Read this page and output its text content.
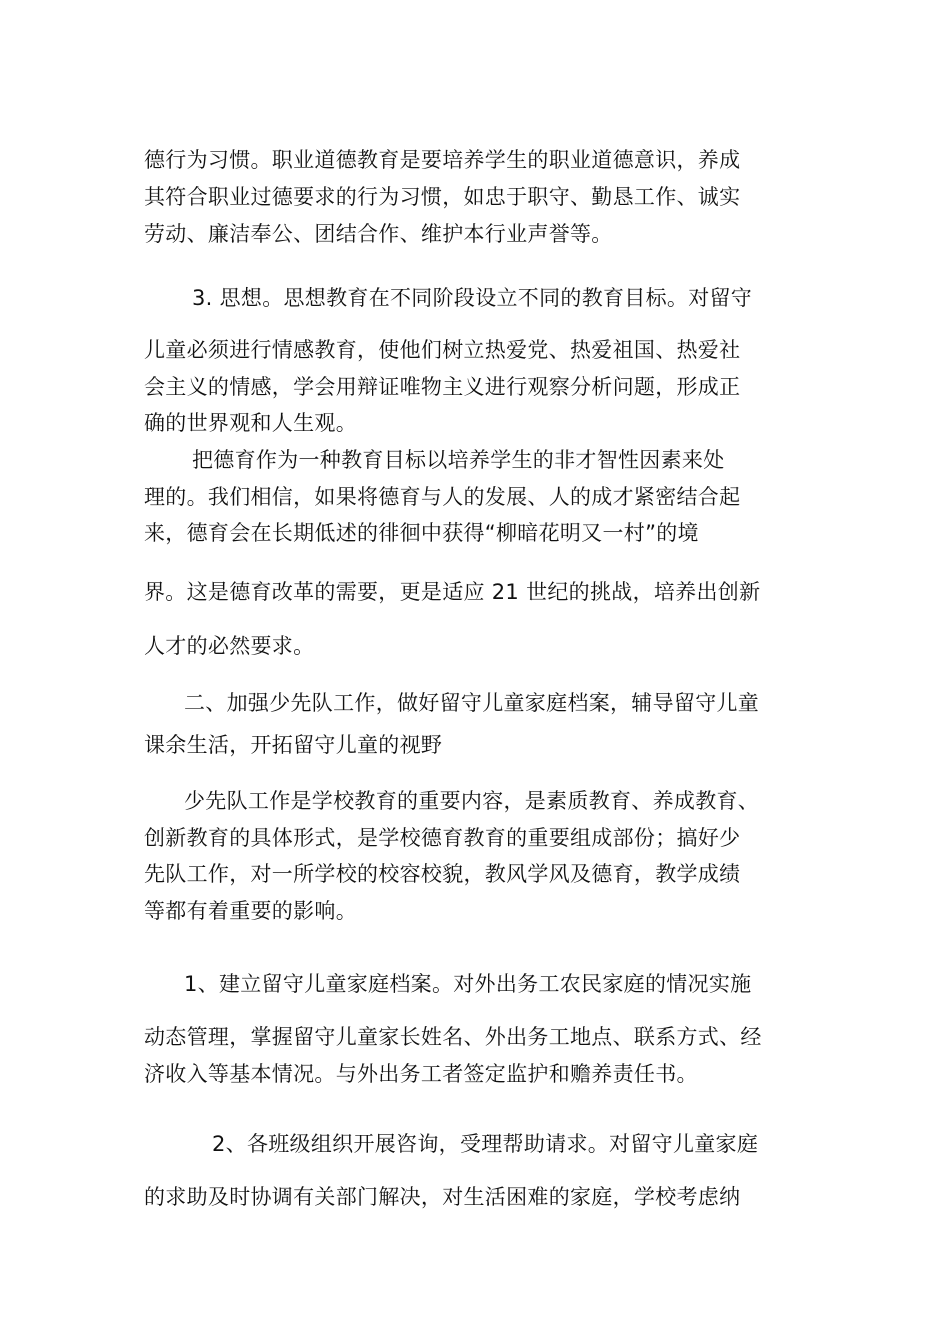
德行为习惯。职业道德教育是要培养学生的职业道德意识，养成
其符合职业过德要求的行为习惯，如忠于职守、勤恳工作、诚实
劳动、廉洁奉公、团结合作、维护本行业声誉等。
3. 思想。思想教育在不同阶段设立不同的教育目标。对留守
儿童必须进行情感教育，使他们树立热爱党、热爱祖国、热爱社
会主义的情感，学会用辩证唯物主义进行观察分析问题，形成正
确的世界观和人生观。
把德育作为一种教育目标以培养学生的非才智性因素来处
理的。我们相信，如果将德育与人的发展、人的成才紧密结合起
来，德育会在长期低述的徘徊中获得“柳暗花明又一村”的境
界。这是德育改革的需要，更是适应 21 世纪的挑战，培养出创新
人才的必然要求。
二、加强少先队工作，做好留守儿童家庭档案，辅导留守儿童
课余生活，开拓留守儿童的视野
少先队工作是学校教育的重要内容，是素质教育、养成教育、
创新教育的具体形式，是学校德育教育的重要组成部份；搞好少
先队工作，对一所学校的校容校貌，教风学风及德育，教学成绩
等都有着重要的影响。
1、建立留守儿童家庭档案。对外出务工农民家庭的情况实施
动态管理，掌握留守儿童家长姓名、外出务工地点、联系方式、经
济收入等基本情况。与外出务工者签定监护和赡养责任书。
2、各班级组织开展咨询，受理帮助请求。对留守儿童家庭
的求助及时协调有关部门解决，对生活困难的家庭，学校考虑纳
